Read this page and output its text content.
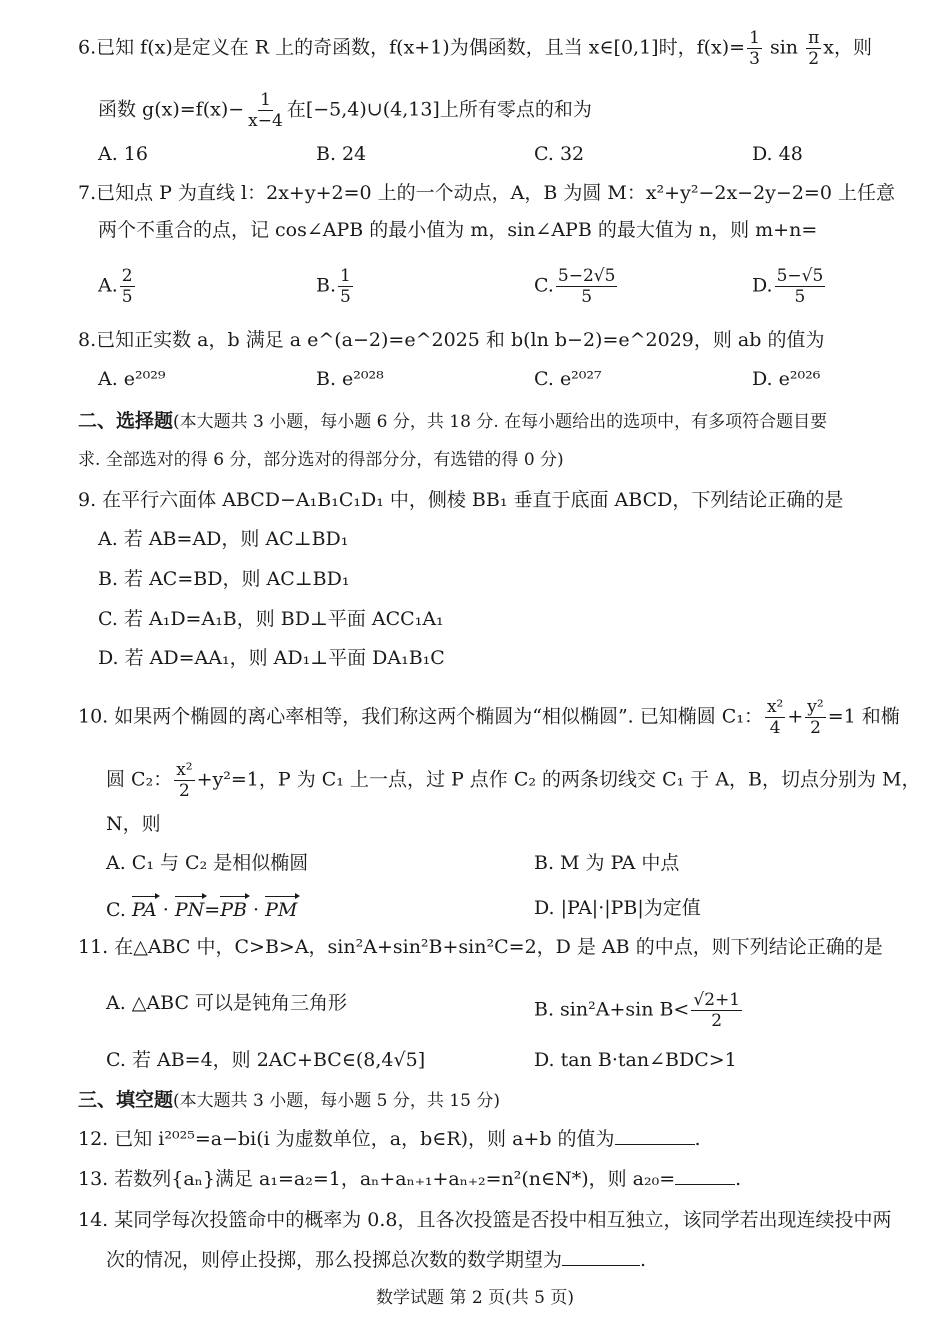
6.已知 f(x)是定义在 R 上的奇函数，f(x+1)为偶函数，且当 x∈[0,1]时，$f(x)= \frac{1}{3}$ $\sin \frac{\pi}{2}$ x，则
函数 $g(x)=f(x)- \frac{1}{x-4}$ 在[−5,4)∪(4,13]上所有零点的和为
A. 16	B. 24	C. 32	D. 48
7.已知点 P 为直线 l：2x+y+2=0 上的一个动点，A，B 为圆 M：x²+y²−2x−2y−2=0 上任意
两个不重合的点，记 cos∠APB 的最小值为 m，sin∠APB 的最大值为 n，则 m+n=
A. $\frac{2}{5}$	B. $\frac{1}{5}$	C. $\frac{5-2√5}{5}$	D. $\frac{5-√5}{5}$
8.已知正实数 a，b 满足 a e^(a−2)=e^2025 和 b(ln b−2)=e^2029，则 ab 的值为
A. e²⁰²⁹	B. e²⁰²⁸	C. e²⁰²⁷	D. e²⁰²⁶
二、选择题(本大题共 3 小题，每小题 6 分，共 18 分. 在每小题给出的选项中，有多项符合题目要
求. 全部选对的得 6 分，部分选对的得部分分，有选错的得 0 分)
9. 在平行六面体 ABCD−A₁B₁C₁D₁ 中，侧棱 BB₁ 垂直于底面 ABCD，下列结论正确的是
A. 若 AB=AD，则 AC⊥BD₁
B. 若 AC=BD，则 AC⊥BD₁
C. 若 A₁D=A₁B，则 BD⊥平面 ACC₁A₁
D. 若 AD=AA₁，则 AD₁⊥平面 DA₁B₁C
10. 如果两个椭圆的离心率相等，我们称这两个椭圆为“相似椭圆”. 已知椭圆 C₁： $\frac{\text{x²}}{4} + \frac{\text{y²}}{2} =1$ 和椭
圆 C₂： $\frac{\text{x²}}{2} +y^2=1$，P 为 C₁ 上一点，过 P 点作 C₂ 的两条切线交 C₁ 于 A，B，切点分别为 M，
N，则
A. C₁ 与 C₂ 是相似椭圆	B. M 为 PA 中点
C. PA · PN=PB · PM	D. |PA|·|PB|为定值
11. 在△ABC 中，C>B>A，sin²A+sin²B+sin²C=2，D 是 AB 的中点，则下列结论正确的是
A. △ABC 可以是钝角三角形	B. sin²A+sin $B< \frac{√2+1}{2}$
C. 若 AB=4，则 2AC+BC∈(8,4√5]	D. tan B·tan∠BDC>1
三、填空题(本大题共 3 小题，每小题 5 分，共 15 分)
12. 已知 i²⁰²⁵=a−bi(i 为虚数单位，a，b∈R)，则 a+b 的值为	.
13. 若数列{aₙ}满足 a₁=a₂=1，aₙ+aₙ₊₁+aₙ₊₂=n²(n∈N*)，则 a₂₀=	.
14. 某同学每次投篮命中的概率为 0.8，且各次投篮是否投中相互独立，该同学若出现连续投中两
次的情况，则停止投掷，那么投掷总次数的数学期望为	.
数学试题 第 2 页(共 5 页)
